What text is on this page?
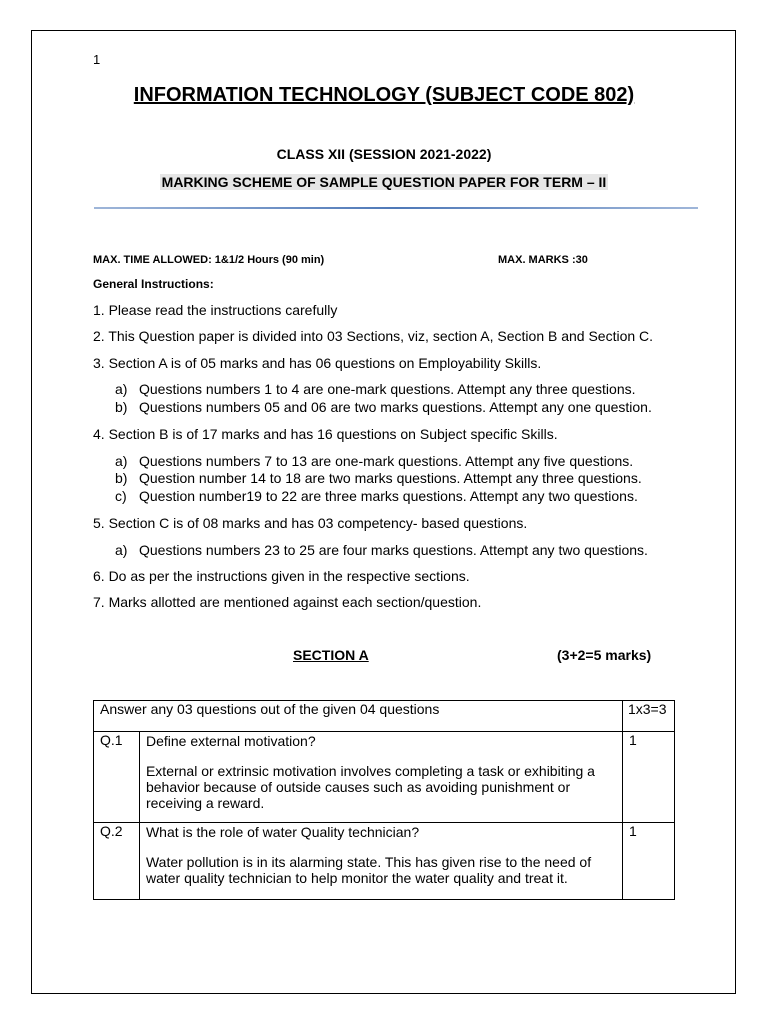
1
INFORMATION TECHNOLOGY (SUBJECT CODE 802)
CLASS XII (SESSION 2021-2022)
MARKING SCHEME OF SAMPLE QUESTION PAPER FOR TERM – II
MAX. TIME ALLOWED: 1&1/2 Hours (90 min)	MAX. MARKS :30
General Instructions:
1. Please read the instructions carefully
2. This Question paper is divided into 03 Sections, viz, section A, Section B and Section C.
3. Section A is of 05 marks and has 06 questions on Employability Skills.
a) Questions numbers 1 to 4 are one-mark questions. Attempt any three questions.
b) Questions numbers 05 and 06 are two marks questions. Attempt any one question.
4. Section B is of 17 marks and has 16 questions on Subject specific Skills.
a) Questions numbers 7 to 13 are one-mark questions. Attempt any five questions.
b) Question number 14 to 18 are two marks questions. Attempt any three questions.
c) Question number19 to 22 are three marks questions. Attempt any two questions.
5. Section C is of 08 marks and has 03 competency- based questions.
a) Questions numbers 23 to 25 are four marks questions. Attempt any two questions.
6. Do as per the instructions given in the respective sections.
7. Marks allotted are mentioned against each section/question.
SECTION A	(3+2=5 marks)
Answer any 03 questions out of the given 04 questions		1x3=3
Q.1	Define external motivation?

External or extrinsic motivation involves completing a task or exhibiting a behavior because of outside causes such as avoiding punishment or receiving a reward.	1
Q.2	What is the role of water Quality technician?

Water pollution is in its alarming state. This has given rise to the need of water quality technician to help monitor the water quality and treat it.	1
